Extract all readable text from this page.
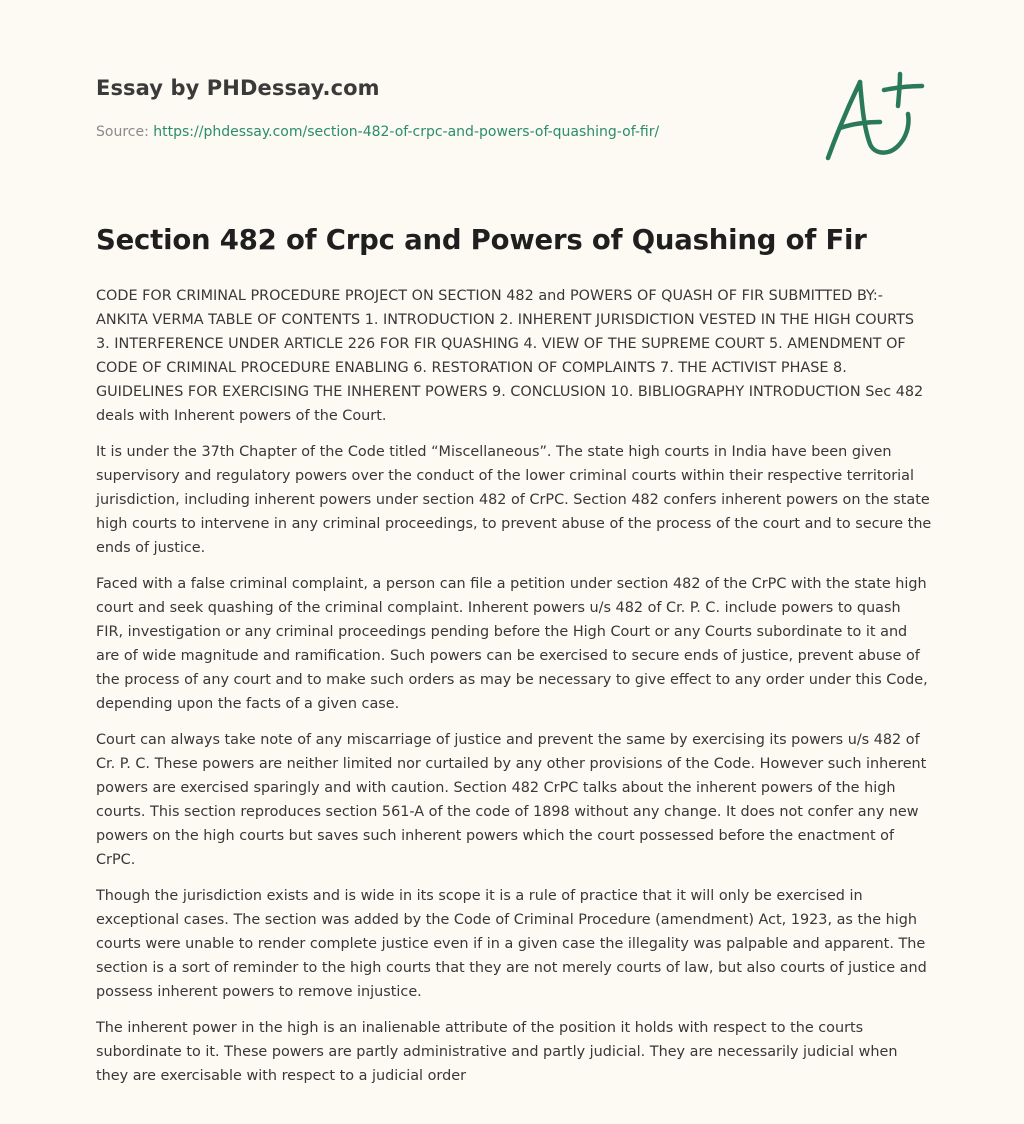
Essay by PHDessay.com
Source: https://phdessay.com/section-482-of-crpc-and-powers-of-quashing-of-fir/
Section 482 of Crpc and Powers of Quashing of Fir

CODE FOR CRIMINAL PROCEDURE PROJECT ON SECTION 482 and POWERS OF QUASH OF FIR SUBMITTED BY:- ANKITA VERMA TABLE OF CONTENTS 1. INTRODUCTION 2. INHERENT JURISDICTION VESTED IN THE HIGH COURTS 3. INTERFERENCE UNDER ARTICLE 226 FOR FIR QUASHING 4. VIEW OF THE SUPREME COURT 5. AMENDMENT OF CODE OF CRIMINAL PROCEDURE ENABLING 6. RESTORATION OF COMPLAINTS 7. THE ACTIVIST PHASE 8. GUIDELINES FOR EXERCISING THE INHERENT POWERS 9. CONCLUSION 10. BIBLIOGRAPHY INTRODUCTION Sec 482 deals with Inherent powers of the Court.

It is under the 37th Chapter of the Code titled “Miscellaneous”. The state high courts in India have been given supervisory and regulatory powers over the conduct of the lower criminal courts within their respective territorial jurisdiction, including inherent powers under section 482 of CrPC. Section 482 confers inherent powers on the state high courts to intervene in any criminal proceedings, to prevent abuse of the process of the court and to secure the ends of justice.

Faced with a false criminal complaint, a person can file a petition under section 482 of the CrPC with the state high court and seek quashing of the criminal complaint. Inherent powers u/s 482 of Cr. P. C. include powers to quash FIR, investigation or any criminal proceedings pending before the High Court or any Courts subordinate to it and are of wide magnitude and ramification. Such powers can be exercised to secure ends of justice, prevent abuse of the process of any court and to make such orders as may be necessary to give effect to any order under this Code, depending upon the facts of a given case.

Court can always take note of any miscarriage of justice and prevent the same by exercising its powers u/s 482 of Cr. P. C. These powers are neither limited nor curtailed by any other provisions of the Code. However such inherent powers are exercised sparingly and with caution. Section 482 CrPC talks about the inherent powers of the high courts. This section reproduces section 561-A of the code of 1898 without any change. It does not confer any new powers on the high courts but saves such inherent powers which the court possessed before the enactment of CrPC.

Though the jurisdiction exists and is wide in its scope it is a rule of practice that it will only be exercised in exceptional cases. The section was added by the Code of Criminal Procedure (amendment) Act, 1923, as the high courts were unable to render complete justice even if in a given case the illegality was palpable and apparent. The section is a sort of reminder to the high courts that they are not merely courts of law, but also courts of justice and possess inherent powers to remove injustice.

The inherent power in the high is an inalienable attribute of the position it holds with respect to the courts subordinate to it. These powers are partly administrative and partly judicial. They are necessarily judicial when they are exercisable with respect to a judicial order
